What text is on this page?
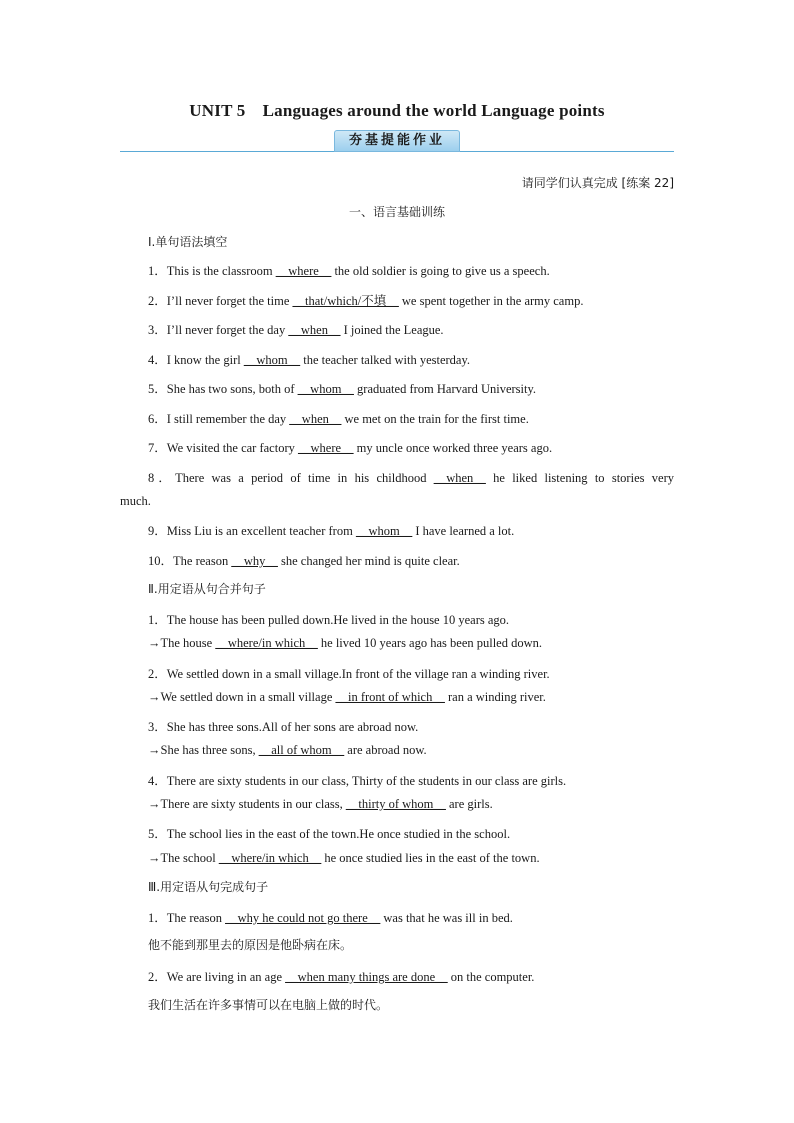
UNIT 5　Languages around the world Language points
夯基提能作业
请同学们认真完成 [练案 22]
一、语言基础训练
Ⅰ.单句语法填空
1．This is the classroom __where__ the old soldier is going to give us a speech.
2．I’ll never forget the time __that/which/不填__ we spent together in the army camp.
3．I’ll never forget the day __when__ I joined the League.
4．I know the girl __whom__ the teacher talked with yesterday.
5．She has two sons, both of __whom__ graduated from Harvard University.
6．I still remember the day __when__ we met on the train for the first time.
7．We visited the car factory __where__ my uncle once worked three years ago.
8．There was a period of time in his childhood __when__ he liked listening to stories very
much.
9．Miss Liu is an excellent teacher from __whom__ I have learned a lot.
10．The reason __why__ she changed her mind is quite clear.
Ⅱ.用定语从句合并句子
1．The house has been pulled down.He lived in the house 10 years ago.
→The house __where/in which__ he lived 10 years ago has been pulled down.
2．We settled down in a small village.In front of the village ran a winding river.
→We settled down in a small village __in front of which__ ran a winding river.
3．She has three sons.All of her sons are abroad now.
→She has three sons, __all of whom__ are abroad now.
4．There are sixty students in our class, Thirty of the students in our class are girls.
→There are sixty students in our class, __thirty of whom__ are girls.
5．The school lies in the east of the town.He once studied in the school.
→The school __where/in which__ he once studied lies in the east of the town.
Ⅲ.用定语从句完成句子
1．The reason __why he could not go there__ was that he was ill in bed.
他不能到那里去的原因是他卧病在床。
2．We are living in an age __when many things are done__ on the computer.
我们生活在许多事情可以在电脑上做的时代。
